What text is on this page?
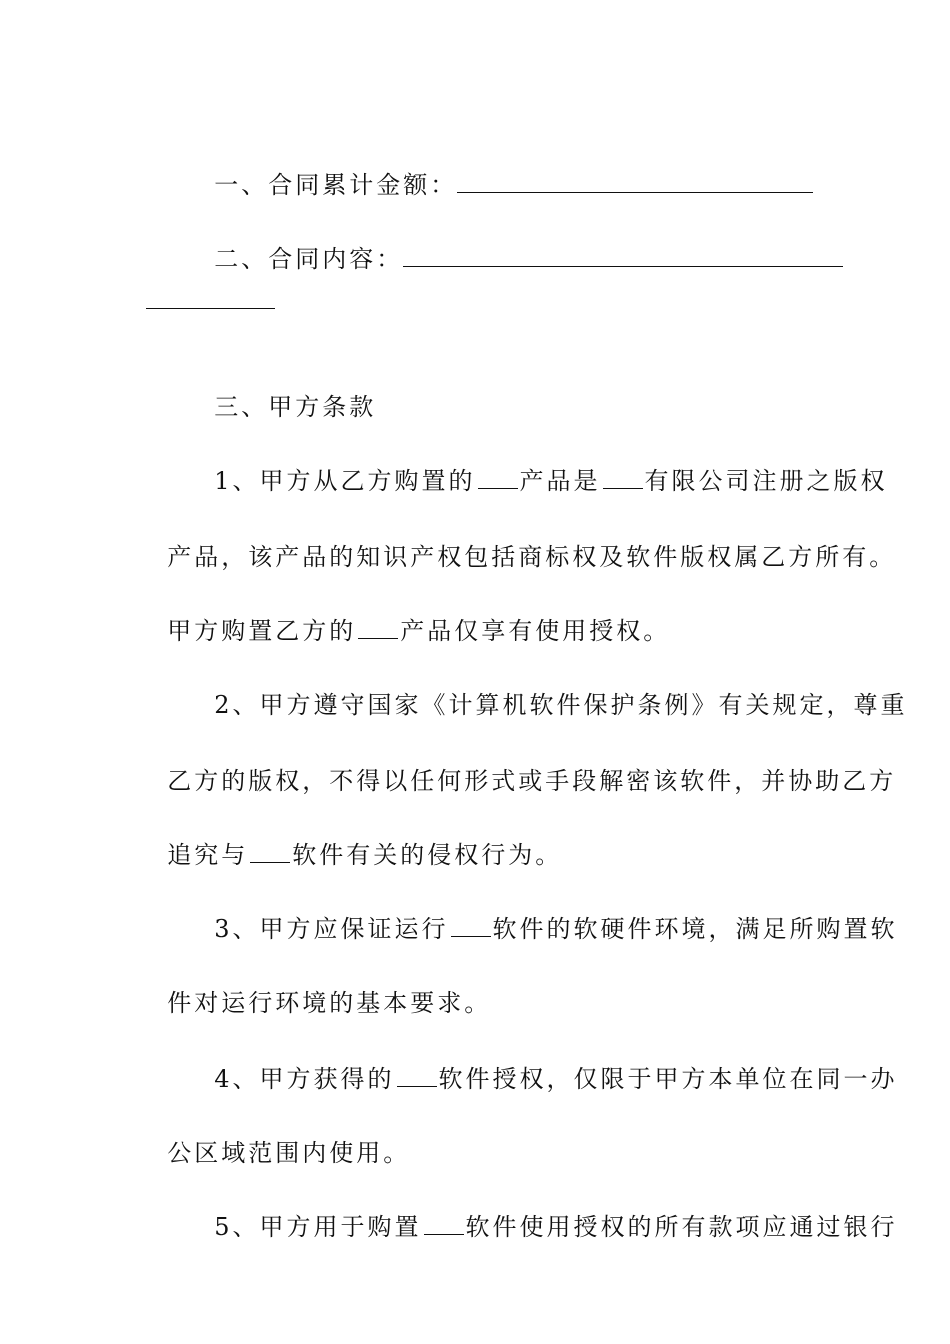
一、合同累计金额：

二、合同内容：

三、甲方条款

1、甲方从乙方购置的 产品是 有限公司注册之版权

产品，该产品的知识产权包括商标权及软件版权属乙方所有。

甲方购置乙方的 产品仅享有使用授权。

2、甲方遵守国家《计算机软件保护条例》有关规定，尊重

乙方的版权，不得以任何形式或手段解密该软件，并协助乙方

追究与 软件有关的侵权行为。

3、甲方应保证运行 软件的软硬件环境，满足所购置软

件对运行环境的基本要求。

4、甲方获得的 软件授权，仅限于甲方本单位在同一办

公区域范围内使用。

5、甲方用于购置 软件使用授权的所有款项应通过银行
